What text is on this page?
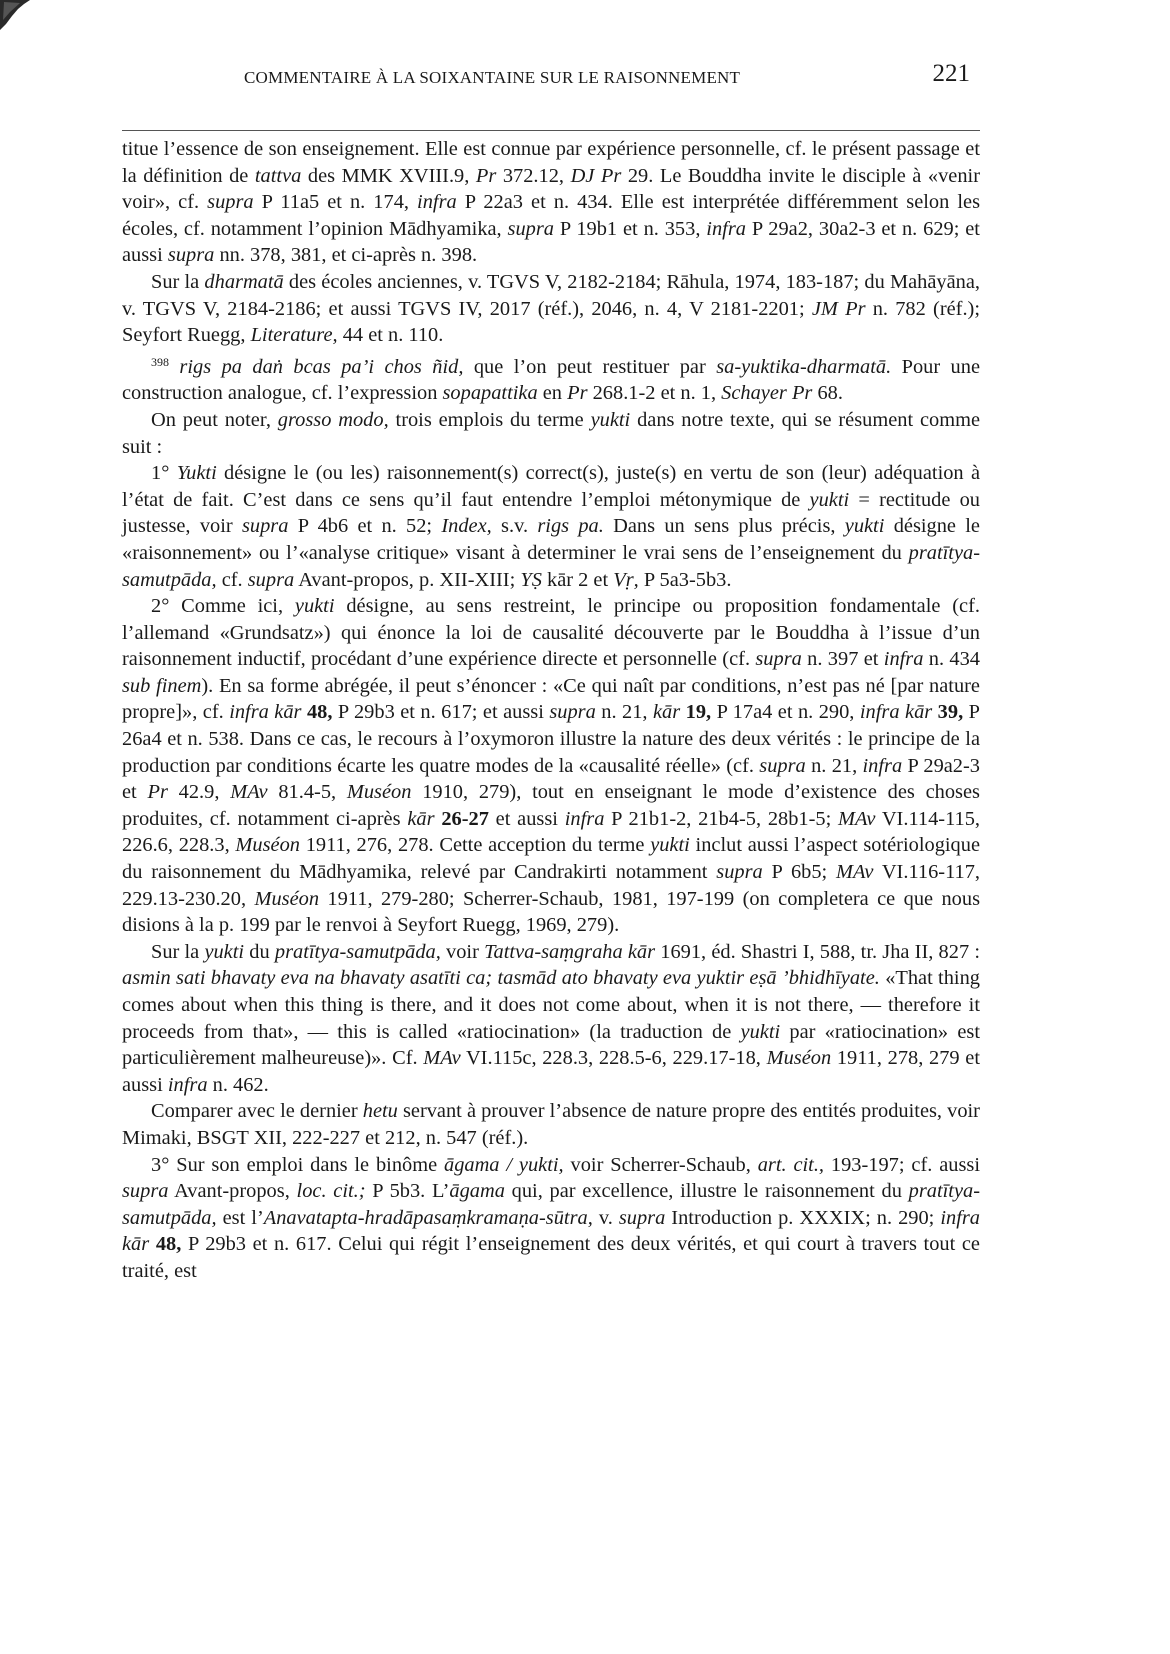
COMMENTAIRE À LA SOIXANTAINE SUR LE RAISONNEMENT	221

titue l’essence de son enseignement. Elle est connue par expérience personnelle, cf. le présent passage et la définition de tattva des MMK XVIII.9, Pr 372.12, DJ Pr 29. Le Bouddha invite le disciple à «venir voir», cf. supra P 11a5 et n. 174, infra P 22a3 et n. 434. Elle est interprétée différemment selon les écoles, cf. notamment l’opinion Mādhyamika, supra P 19b1 et n. 353, infra P 29a2, 30a2-3 et n. 629; et aussi supra nn. 378, 381, et ci-après n. 398.

Sur la dharmatā des écoles anciennes, v. TGVS V, 2182-2184; Rāhula, 1974, 183-187; du Mahāyāna, v. TGVS V, 2184-2186; et aussi TGVS IV, 2017 (réf.), 2046, n. 4, V 2181-2201; JM Pr n. 782 (réf.); Seyfort Ruegg, Literature, 44 et n. 110.

$^{398}$ rigs pa daṅ bcas pa’i chos ñid, que l’on peut restituer par sa-yuktika-dharmatā. Pour une construction analogue, cf. l’expression sopapattika en Pr 268.1-2 et n. 1, Schayer Pr 68.

On peut noter, grosso modo, trois emplois du terme yukti dans notre texte, qui se résument comme suit :

1° Yukti désigne le (ou les) raisonnement(s) correct(s), juste(s) en vertu de son (leur) adéquation à l’état de fait. C’est dans ce sens qu’il faut entendre l’emploi métonymique de yukti = rectitude ou justesse, voir supra P 4b6 et n. 52; Index, s.v. rigs pa. Dans un sens plus précis, yukti désigne le «raisonnement» ou l’«analyse critique» visant à determiner le vrai sens de l’enseignement du pratītya-samutpāda, cf. supra Avant-propos, p. XII-XIII; YṢ kār 2 et Vṛ, P 5a3-5b3.

2° Comme ici, yukti désigne, au sens restreint, le principe ou proposition fondamentale (cf. l’allemand «Grundsatz») qui énonce la loi de causalité découverte par le Bouddha à l’issue d’un raisonnement inductif, procédant d’une expérience directe et personnelle (cf. supra n. 397 et infra n. 434 sub finem). En sa forme abrégée, il peut s’énoncer : «Ce qui naît par conditions, n’est pas né [par nature propre]», cf. infra kār 48, P 29b3 et n. 617; et aussi supra n. 21, kār 19, P 17a4 et n. 290, infra kār 39, P 26a4 et n. 538. Dans ce cas, le recours à l’oxymoron illustre la nature des deux vérités : le principe de la production par conditions écarte les quatre modes de la «causalité réelle» (cf. supra n. 21, infra P 29a2-3 et Pr 42.9, MAv 81.4-5, Muséon 1910, 279), tout en enseignant le mode d’existence des choses produites, cf. notamment ci-après kār 26-27 et aussi infra P 21b1-2, 21b4-5, 28b1-5; MAv VI.114-115, 226.6, 228.3, Muséon 1911, 276, 278. Cette acception du terme yukti inclut aussi l’aspect sotériologique du raisonnement du Mādhyamika, relevé par Candrakirti notamment supra P 6b5; MAv VI.116-117, 229.13-230.20, Muséon 1911, 279-280; Scherrer-Schaub, 1981, 197-199 (on completera ce que nous disions à la p. 199 par le renvoi à Seyfort Ruegg, 1969, 279).

Sur la yukti du pratītya-samutpāda, voir Tattva-saṃgraha kār 1691, éd. Shastri I, 588, tr. Jha II, 827 : asmin sati bhavaty eva na bhavaty asatīti ca; tasmād ato bhavaty eva yuktir eṣā ’bhidhīyate. «That thing comes about when this thing is there, and it does not come about, when it is not there, — therefore it proceeds from that», — this is called «ratiocination» (la traduction de yukti par «ratiocination» est particulièrement malheureuse)». Cf. MAv VI.115c, 228.3, 228.5-6, 229.17-18, Muséon 1911, 278, 279 et aussi infra n. 462.

Comparer avec le dernier hetu servant à prouver l’absence de nature propre des entités produites, voir Mimaki, BSGT XII, 222-227 et 212, n. 547 (réf.).

3° Sur son emploi dans le binôme āgama / yukti, voir Scherrer-Schaub, art. cit., 193-197; cf. aussi supra Avant-propos, loc. cit.; P 5b3. L’āgama qui, par excellence, illustre le raisonnement du pratītya-samutpāda, est l’Anavatapta-hradāpasaṃkramaṇa-sūtra, v. supra Introduction p. XXXIX; n. 290; infra kār 48, P 29b3 et n. 617. Celui qui régit l’enseignement des deux vérités, et qui court à travers tout ce traité, est
